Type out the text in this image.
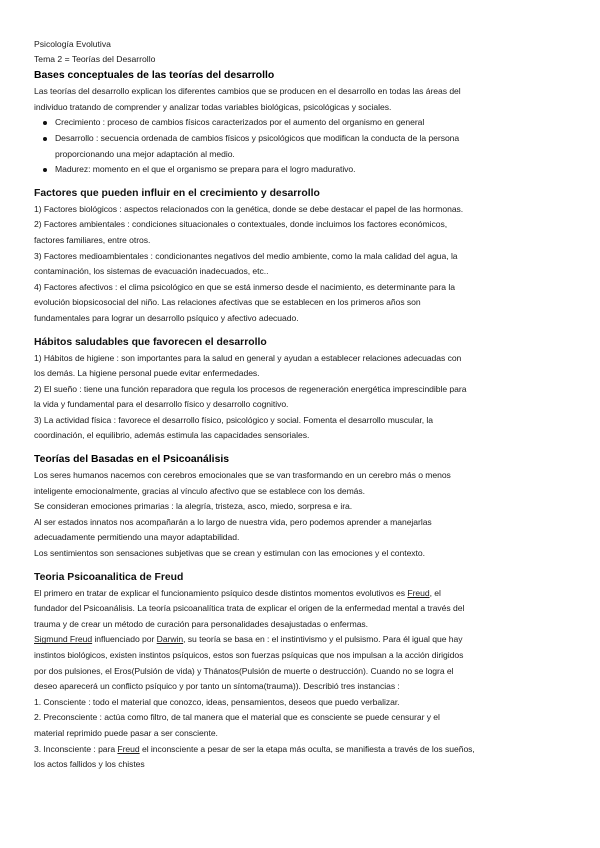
Psicología Evolutiva
Tema 2 = Teorías del Desarrollo
Bases conceptuales de las teorías del desarrollo
Las teorías del desarrollo explican los diferentes cambios que se producen en el desarrollo en todas las áreas del
individuo tratando de comprender y analizar todas variables biológicas, psicológicas y sociales.
Crecimiento : proceso de cambios físicos caracterizados por el aumento del organismo en general
Desarrollo : secuencia ordenada de cambios físicos y psicológicos que modifican la conducta de la persona
proporcionando una mejor adaptación al medio.
Madurez: momento en el que el organismo se prepara para el logro madurativo.
Factores que pueden influir en el crecimiento y desarrollo
1) Factores biológicos : aspectos relacionados con la genética, donde se debe destacar el papel de las hormonas.
2) Factores ambientales : condiciones situacionales o contextuales, donde incluimos los factores económicos,
factores familiares, entre otros.
3) Factores medioambientales : condicionantes negativos del medio ambiente, como la mala calidad del agua, la
contaminación, los sistemas de evacuación inadecuados, etc..
4) Factores afectivos : el clima psicológico en que se está inmerso desde el nacimiento, es determinante para la
evolución biopsicosocial del niño. Las relaciones afectivas que se establecen en los primeros años son
fundamentales para lograr un desarrollo psíquico y afectivo adecuado.
Hábitos saludables que favorecen el desarrollo
1) Hábitos de higiene : son importantes para la salud en general y ayudan a establecer relaciones adecuadas con
los demás. La higiene personal puede evitar enfermedades.
2) El sueño : tiene una función reparadora que regula los procesos de regeneración energética imprescindible para
la vida y fundamental para el desarrollo físico y desarrollo cognitivo.
3) La actividad física : favorece el desarrollo físico, psicológico y social. Fomenta el desarrollo muscular, la
coordinación, el equilibrio, además estimula las capacidades sensoriales.
Teorías del Basadas en el Psicoanálisis
Los seres humanos nacemos con cerebros emocionales que se van trasformando en un cerebro más o menos
inteligente emocionalmente, gracias al vínculo afectivo que se establece con los demás.
Se consideran emociones primarias : la alegría, tristeza, asco, miedo, sorpresa e ira.
Al ser estados innatos nos acompañarán a lo largo de nuestra vida, pero podemos aprender a manejarlas
adecuadamente permitiendo una mayor adaptabilidad.
Los sentimientos son sensaciones subjetivas que se crean y estimulan con las emociones y el contexto.
Teoria Psicoanalitica de Freud
El primero en tratar de explicar el funcionamiento psíquico desde distintos momentos evolutivos es Freud, el
fundador del Psicoanálisis. La teoría psicoanalítica trata de explicar el origen de la enfermedad mental a través del
trauma y de crear un método de curación para personalidades desajustadas o enfermas.
Sigmund Freud influenciado por Darwin, su teoría se basa en : el instintivismo y el pulsismo. Para él igual que hay
instintos biológicos, existen instintos psíquicos, estos son fuerzas psíquicas que nos impulsan a la acción dirigidos
por dos pulsiones, el Eros(Pulsión de vida) y Thánatos(Pulsión de muerte o destrucción). Cuando no se logra el
deseo aparecerá un conflicto psíquico y por tanto un síntoma(trauma)). Describió tres instancias :
1. Consciente : todo el material que conozco, ideas, pensamientos, deseos que puedo verbalizar.
2. Preconsciente : actúa como filtro, de tal manera que el material que es consciente se puede censurar y el
material reprimido puede pasar a ser consciente.
3. Inconsciente : para Freud el inconsciente a pesar de ser la etapa más oculta, se manifiesta a través de los sueños,
los actos fallidos y los chistes
